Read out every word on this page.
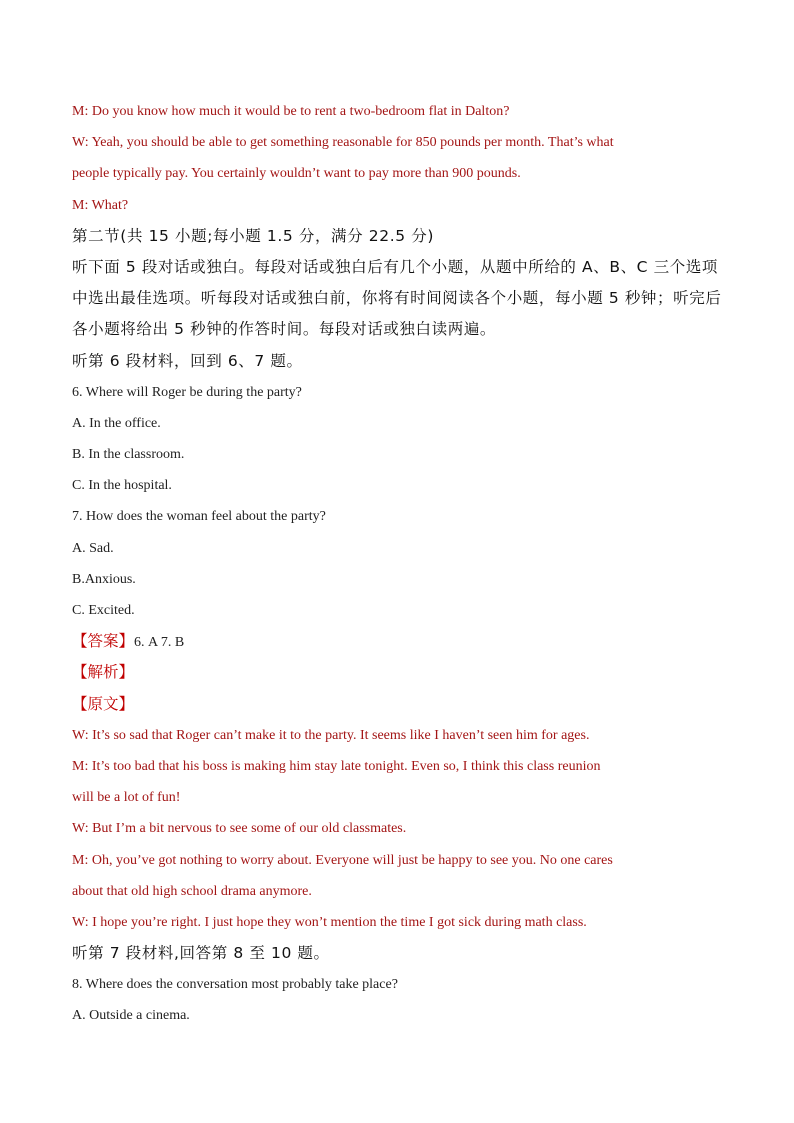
M: Do you know how much it would be to rent a two-bedroom flat in Dalton?
W: Yeah, you should be able to get something reasonable for 850 pounds per month. That’s what
people typically pay. You certainly wouldn’t want to pay more than 900 pounds.
M: What?
第二节(共 15 小题;每小题 1.5 分，满分 22.5 分)
听下面 5 段对话或独白。每段对话或独白后有几个小题，从题中所给的 A、B、C 三个选项
中选出最佳选项。听每段对话或独白前，你将有时间阅读各个小题，每小题 5 秒钟；听完后
各小题将给出 5 秒钟的作答时间。每段对话或独白读两遍。
听第 6 段材料，回到 6、7 题。
6. Where will Roger be during the party?
A. In the office.
B. In the classroom.
C. In the hospital.
7. How does the woman feel about the party?
A. Sad.
B.Anxious.
C. Excited.
【答案】6. A 7. B
【解析】
【原文】
W: It’s so sad that Roger can’t make it to the party. It seems like I haven’t seen him for ages.
M: It’s too bad that his boss is making him stay late tonight. Even so, I think this class reunion
will be a lot of fun!
W: But I’m a bit nervous to see some of our old classmates.
M: Oh, you’ve got nothing to worry about. Everyone will just be happy to see you. No one cares
about that old high school drama anymore.
W: I hope you’re right. I just hope they won’t mention the time I got sick during math class.
听第 7 段材料,回答第 8 至 10 题。
8. Where does the conversation most probably take place?
A. Outside a cinema.
